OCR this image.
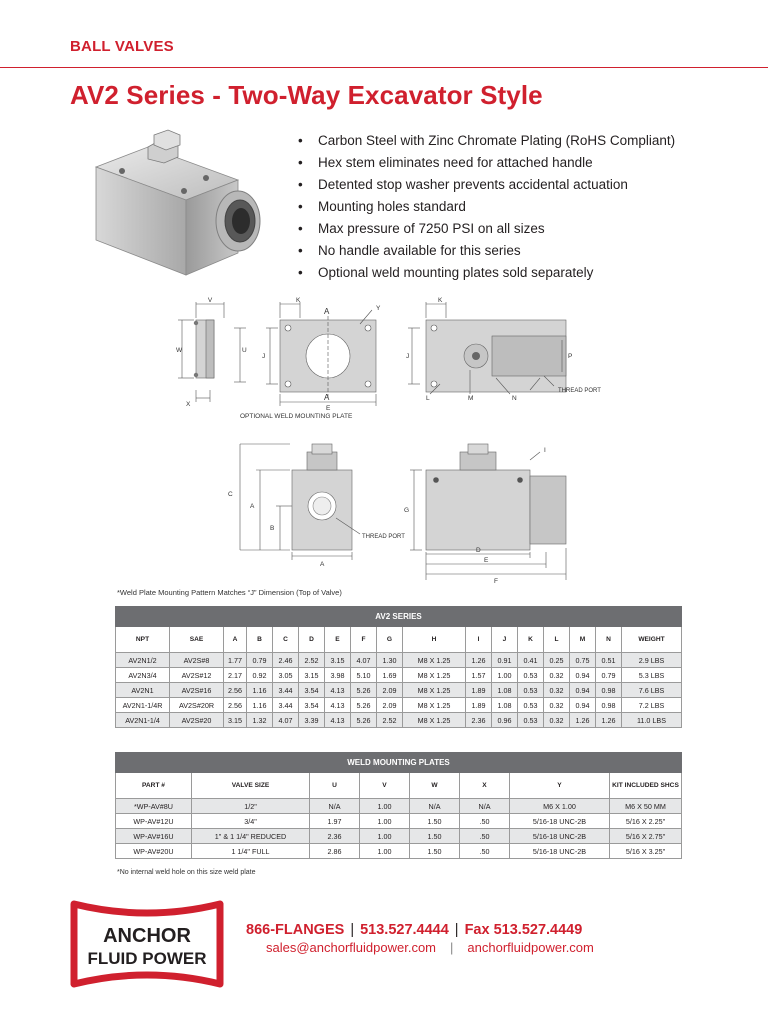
BALL VALVES
AV2 Series - Two-Way Excavator Style
• Carbon Steel with Zinc Chromate Plating (RoHS Compliant)
• Hex stem eliminates need for attached handle
• Detented stop washer prevents accidental actuation
• Mounting holes standard
• Max pressure of 7250 PSI on all sizes
• No handle available for this series
• Optional weld mounting plates sold separately
V
W	U
X
K
Y
A
A
J
E
OPTIONAL WELD MOUNTING PLATE
K
J	P
L	M	N
THREAD PORT
C
A
B
A
THREAD PORT
I
G
D
E
F
*Weld Plate Mounting Pattern Matches “J” Dimension (Top of Valve)
AV2 SERIES																
NPT	SAE	A	B	C	D	E	F	G	H	I	J	K	L	M	N	WEIGHT
AV2N1/2	AV2S#8	1.77	0.79	2.46	2.52	3.15	4.07	1.30	M8 X 1.25	1.26	0.91	0.41	0.25	0.75	0.51	2.9 LBS
AV2N3/4	AV2S#12	2.17	0.92	3.05	3.15	3.98	5.10	1.69	M8 X 1.25	1.57	1.00	0.53	0.32	0.94	0.79	5.3 LBS
AV2N1	AV2S#16	2.56	1.16	3.44	3.54	4.13	5.26	2.09	M8 X 1.25	1.89	1.08	0.53	0.32	0.94	0.98	7.6 LBS
AV2N1-1/4R	AV2S#20R	2.56	1.16	3.44	3.54	4.13	5.26	2.09	M8 X 1.25	1.89	1.08	0.53	0.32	0.94	0.98	7.2 LBS
AV2N1-1/4	AV2S#20	3.15	1.32	4.07	3.39	4.13	5.26	2.52	M8 X 1.25	2.36	0.96	0.53	0.32	1.26	1.26	11.0 LBS
WELD MOUNTING PLATES							
PART #	VALVE SIZE	U	V	W	X	Y	KIT INCLUDED SHCS
*WP-AV#8U	1/2"	N/A	1.00	N/A	N/A	M6 X 1.00	M6 X 50 MM
WP-AV#12U	3/4"	1.97	1.00	1.50	.50	5/16-18 UNC-2B	5/16 X 2.25"
WP-AV#16U	1" & 1 1/4" REDUCED	2.36	1.00	1.50	.50	5/16-18 UNC-2B	5/16 X 2.75"
WP-AV#20U	1 1/4" FULL	2.86	1.00	1.50	.50	5/16-18 UNC-2B	5/16 X 3.25"
*No internal weld hole on this size weld plate
ANCHOR
FLUID POWER
866-FLANGES | 513.527.4444 | Fax 513.527.4449
sales@anchorfluidpower.com | anchorfluidpower.com
